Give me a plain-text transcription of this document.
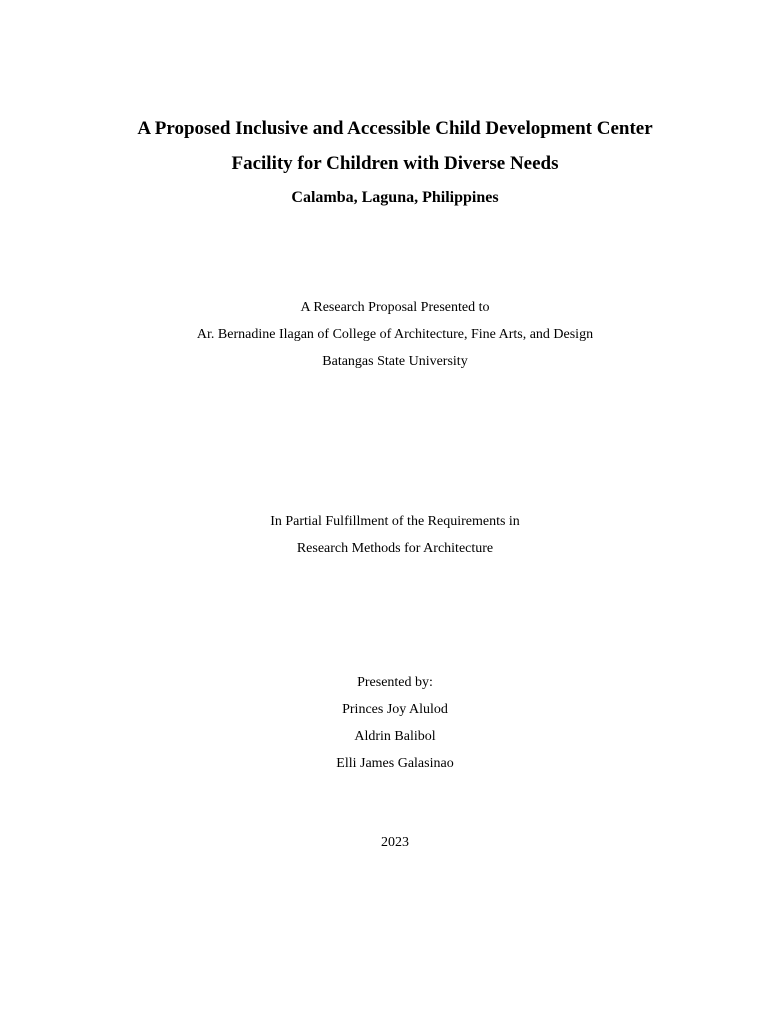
A Proposed Inclusive and Accessible Child Development Center
Facility for Children with Diverse Needs
Calamba, Laguna, Philippines
A Research Proposal Presented to
Ar. Bernadine Ilagan of College of Architecture, Fine Arts, and Design
Batangas State University
In Partial Fulfillment of the Requirements in
Research Methods for Architecture
Presented by:
Princes Joy Alulod
Aldrin Balibol
Elli James Galasinao
2023
